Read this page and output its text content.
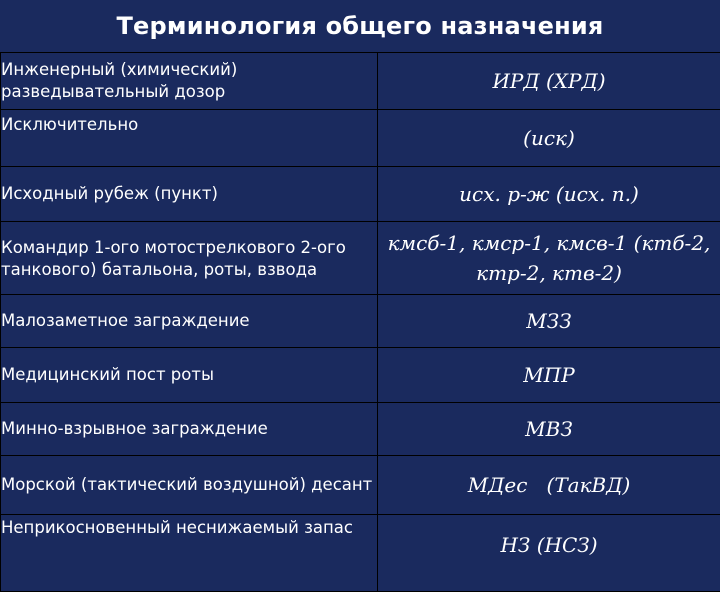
Терминология общего назначения
Инженерный (химический) разведывательный дозор	ИРД (ХРД)
Исключительно	(иск)
Исходный рубеж (пункт)	исх. р-ж (исх. п.)
Командир 1-ого мотострелкового 2-ого танкового) батальона, роты, взвода	кмсб-1, кмср-1, кмсв-1 (ктб-2, ктр-2, ктв-2)
Малозаметное заграждение	МЗЗ
Медицинский пост роты	МПР
Минно-взрывное заграждение	МВЗ
Морской (тактический воздушной) десант	МДес   (ТакВД)
Неприкосновенный неснижаемый запас	НЗ (НСЗ)
